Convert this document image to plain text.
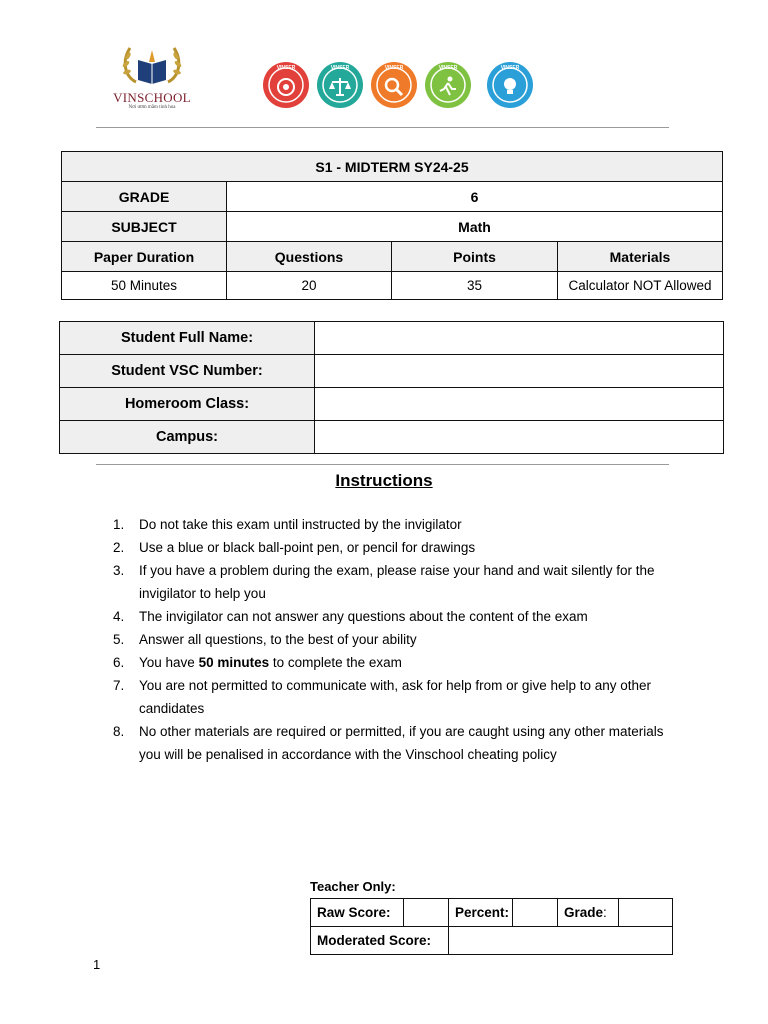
VINSCHOOL
Nơi ươm mầm tinh hoa
VINSER	VINSER	VINSER	VINSER	VINSER
S1 - MIDTERM SY24-25			
GRADE	6		
SUBJECT	Math		
Paper Duration	Questions	Points	Materials
50 Minutes	20	35	Calculator NOT Allowed
Student Full Name:	
Student VSC Number:	
Homeroom Class:	
Campus:	
Instructions
1. Do not take this exam until instructed by the invigilator
2. Use a blue or black ball-point pen, or pencil for drawings
3. If you have a problem during the exam, please raise your hand and wait silently for the invigilator to help you
4. The invigilator can not answer any questions about the content of the exam
5. Answer all questions, to the best of your ability
6. You have 50 minutes to complete the exam
7. You are not permitted to communicate with, ask for help from or give help to any other candidates
8. No other materials are required or permitted, if you are caught using any other materials you will be penalised in accordance with the Vinschool cheating policy
Teacher Only:
Raw Score:		Percent:		Grade:	
Moderated Score:					
1
